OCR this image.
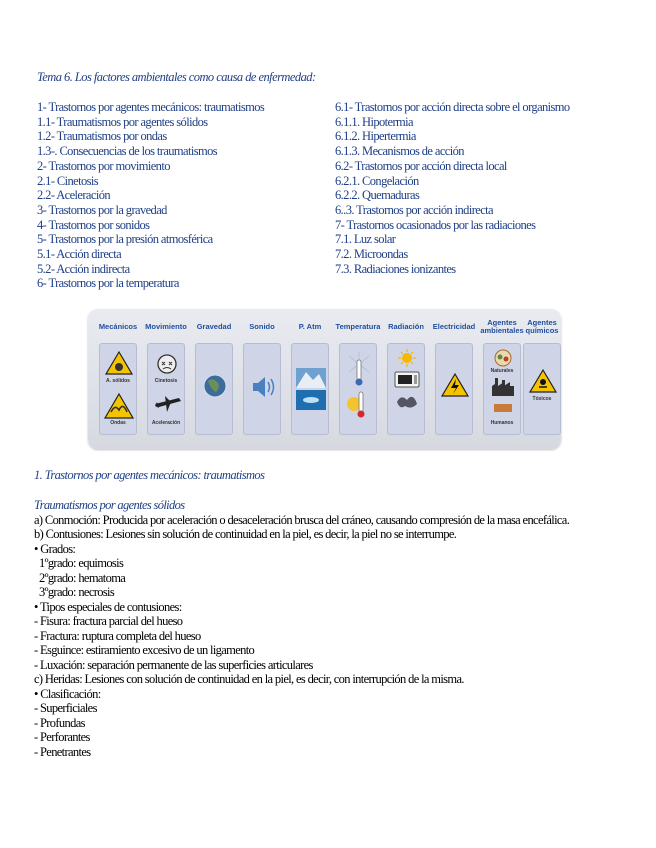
Tema 6. Los factores ambientales como causa de enfermedad:
1- Trastornos por agentes mecánicos: traumatismos
1.1- Traumatismos por agentes sólidos
1.2- Traumatismos por ondas
1.3-. Consecuencias de los traumatismos
2- Trastornos por movimiento
2.1- Cinetosis
2.2- Aceleración
3- Trastornos por la gravedad
4- Trastornos por sonidos
5- Trastornos por la presión atmosférica
5.1- Acción directa
5.2- Acción indirecta
6- Trastornos por la temperatura
6.1- Trastornos por acción directa sobre el organismo
6.1.1. Hipotermia
6.1.2. Hipertermia
6.1.3. Mecanismos de acción
6.2- Trastornos por acción directa local
6.2.1. Congelación
6.2.2. Quemaduras
6..3. Trastornos por acción indirecta
7- Trastornos ocasionados por las radiaciones
7.1. Luz solar
7.2. Microondas
7.3. Radiaciones ionizantes
Mecánicos
A. sólidos
Ondas
Movimiento
Cinetosis
Aceleración
Gravedad	Sonido	P. Atm	Temperatura	Radiación	Electricidad	Agentes ambientales
Naturales
Humanos
Agentes químicos
Tóxicos
1. Trastornos por agentes mecánicos: traumatismos
Traumatismos por agentes sólidos
a) Conmoción: Producida por aceleración o desaceleración brusca del cráneo, causando compresión de la masa encefálica.
b) Contusiones: Lesiones sin solución de continuidad en la piel, es decir, la piel no se interrumpe.
• Grados:
1ºgrado: equimosis
2ºgrado: hematoma
3ºgrado: necrosis
• Tipos especiales de contusiones:
- Fisura: fractura parcial del hueso
- Fractura: ruptura completa del hueso
- Esguince: estiramiento excesivo de un ligamento
- Luxación: separación permanente de las superficies articulares
c) Heridas: Lesiones con solución de continuidad en la piel, es decir, con interrupción de la misma.
• Clasificación:
- Superficiales
- Profundas
- Perforantes
- Penetrantes
